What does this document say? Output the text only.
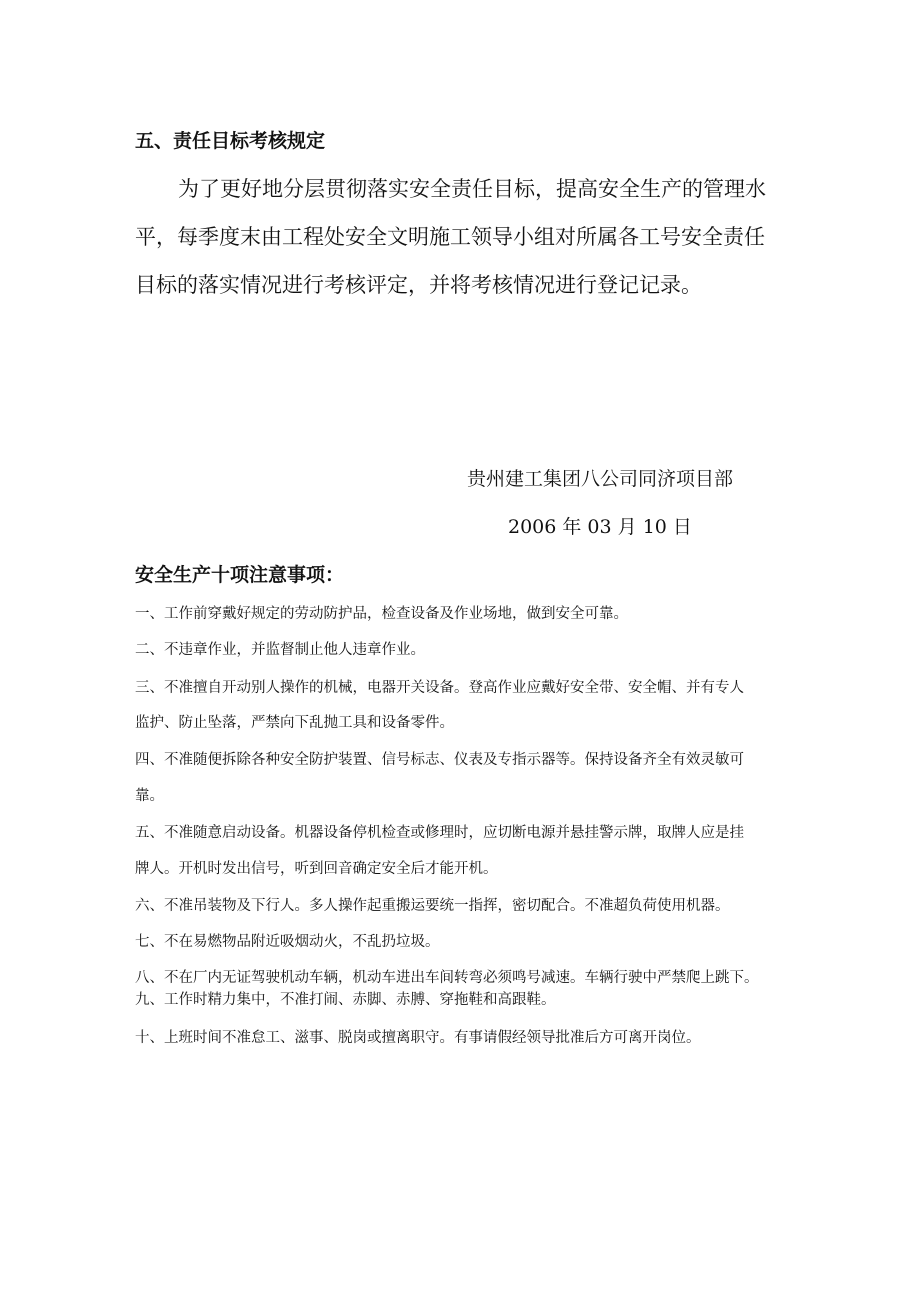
五、责任目标考核规定

为了更好地分层贯彻落实安全责任目标，提高安全生产的管理水

平，每季度末由工程处安全文明施工领导小组对所属各工号安全责任

目标的落实情况进行考核评定，并将考核情况进行登记记录。

贵州建工集团八公司同济项目部

2006 年 03 月 10 日

安全生产十项注意事项：

一、工作前穿戴好规定的劳动防护品，检查设备及作业场地，做到安全可靠。

二、不违章作业，并监督制止他人违章作业。

三、不准擅自开动别人操作的机械，电器开关设备。登高作业应戴好安全带、安全帽、并有专人

监护、防止坠落，严禁向下乱抛工具和设备零件。

四、不准随便拆除各种安全防护装置、信号标志、仪表及专指示器等。保持设备齐全有效灵敏可

靠。

五、不准随意启动设备。机器设备停机检查或修理时，应切断电源并悬挂警示牌，取牌人应是挂

牌人。开机时发出信号，听到回音确定安全后才能开机。

六、不准吊装物及下行人。多人操作起重搬运要统一指挥，密切配合。不准超负荷使用机器。

七、不在易燃物品附近吸烟动火，不乱扔垃圾。

八、不在厂内无证驾驶机动车辆，机动车进出车间转弯必须鸣号减速。车辆行驶中严禁爬上跳下。

九、工作时精力集中，不准打闹、赤脚、赤膊、穿拖鞋和高跟鞋。

十、上班时间不准怠工、滋事、脱岗或擅离职守。有事请假经领导批准后方可离开岗位。
